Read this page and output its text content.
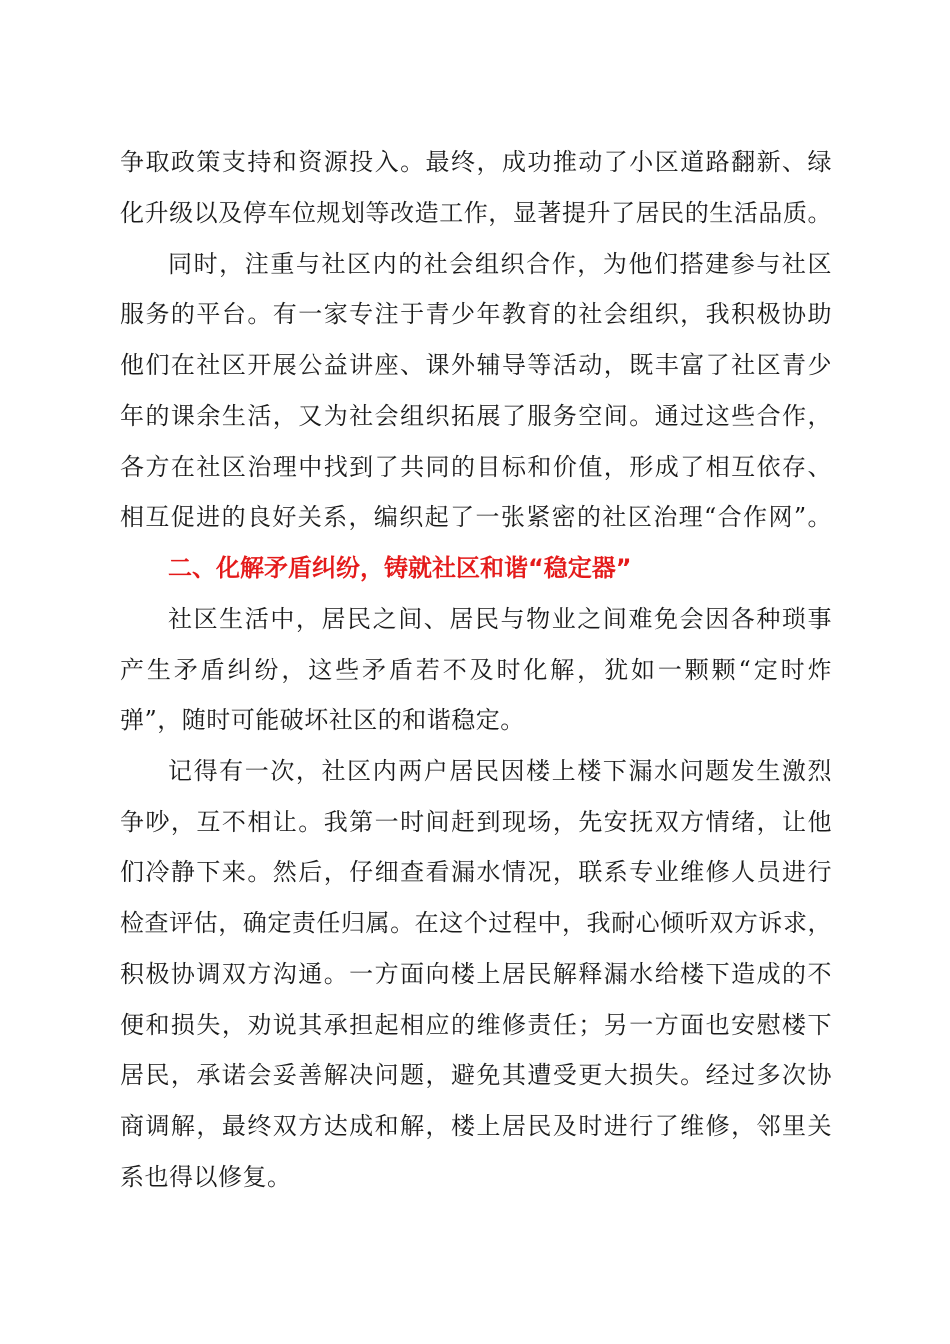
争取政策支持和资源投入。最终，成功推动了小区道路翻新、绿
化升级以及停车位规划等改造工作，显著提升了居民的生活品质。
同时，注重与社区内的社会组织合作，为他们搭建参与社区
服务的平台。有一家专注于青少年教育的社会组织，我积极协助
他们在社区开展公益讲座、课外辅导等活动，既丰富了社区青少
年的课余生活，又为社会组织拓展了服务空间。通过这些合作，
各方在社区治理中找到了共同的目标和价值，形成了相互依存、
相互促进的良好关系，编织起了一张紧密的社区治理“合作网”。
二、化解矛盾纠纷，铸就社区和谐“稳定器”
社区生活中，居民之间、居民与物业之间难免会因各种琐事
产生矛盾纠纷，这些矛盾若不及时化解，犹如一颗颗“定时炸
弹”，随时可能破坏社区的和谐稳定。
记得有一次，社区内两户居民因楼上楼下漏水问题发生激烈
争吵，互不相让。我第一时间赶到现场，先安抚双方情绪，让他
们冷静下来。然后，仔细查看漏水情况，联系专业维修人员进行
检查评估，确定责任归属。在这个过程中，我耐心倾听双方诉求，
积极协调双方沟通。一方面向楼上居民解释漏水给楼下造成的不
便和损失，劝说其承担起相应的维修责任；另一方面也安慰楼下
居民，承诺会妥善解决问题，避免其遭受更大损失。经过多次协
商调解，最终双方达成和解，楼上居民及时进行了维修，邻里关
系也得以修复。
